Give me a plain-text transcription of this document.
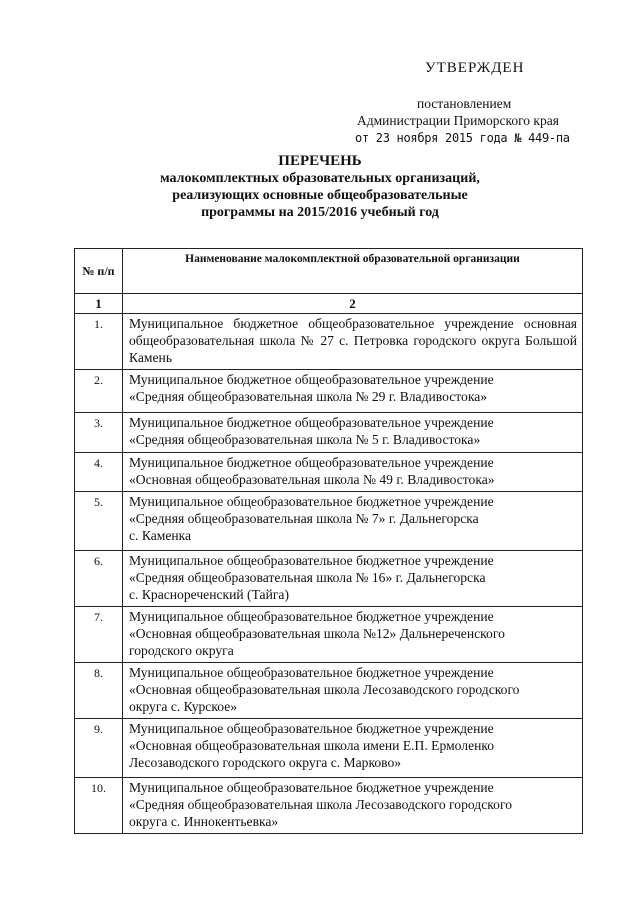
УТВЕРЖДЕН
постановлением
Администрации Приморского края
от 23 ноября 2015 года № 449-па
ПЕРЕЧЕНЬ
малокомплектных образовательных организаций,
реализующих основные общеобразовательные
программы на 2015/2016 учебный год
№ п/п	Наименование малокомплектной образовательной организации
1	2
1.	Муниципальное бюджетное общеобразовательное учреждение основная общеобразовательная школа № 27 с. Петровка городского округа Большой Камень

2.	Муниципальное бюджетное общеобразовательное учреждение
«Средняя общеобразовательная школа № 29 г. Владивостока»

3.	Муниципальное бюджетное общеобразовательное учреждение
«Средняя общеобразовательная школа № 5 г. Владивостока»

4.	Муниципальное бюджетное общеобразовательное учреждение
«Основная общеобразовательная школа № 49 г. Владивостока»

5.	Муниципальное общеобразовательное бюджетное учреждение
«Средняя общеобразовательная школа № 7» г. Дальнегорска
с. Каменка

6.	Муниципальное общеобразовательное бюджетное учреждение
«Средняя общеобразовательная школа № 16» г. Дальнегорска
с. Краснореченский (Тайга)

7.	Муниципальное общеобразовательное бюджетное учреждение
«Основная общеобразовательная школа №12» Дальнереченского
городского округа

8.	Муниципальное общеобразовательное бюджетное учреждение
«Основная общеобразовательная школа Лесозаводского городского
округа с. Курское»

9.	Муниципальное общеобразовательное бюджетное учреждение
«Основная общеобразовательная школа имени Е.П. Ермоленко
Лесозаводского городского округа с. Марково»

10.	Муниципальное общеобразовательное бюджетное учреждение
«Средняя общеобразовательная школа Лесозаводского городского
округа с. Иннокентьевка»
